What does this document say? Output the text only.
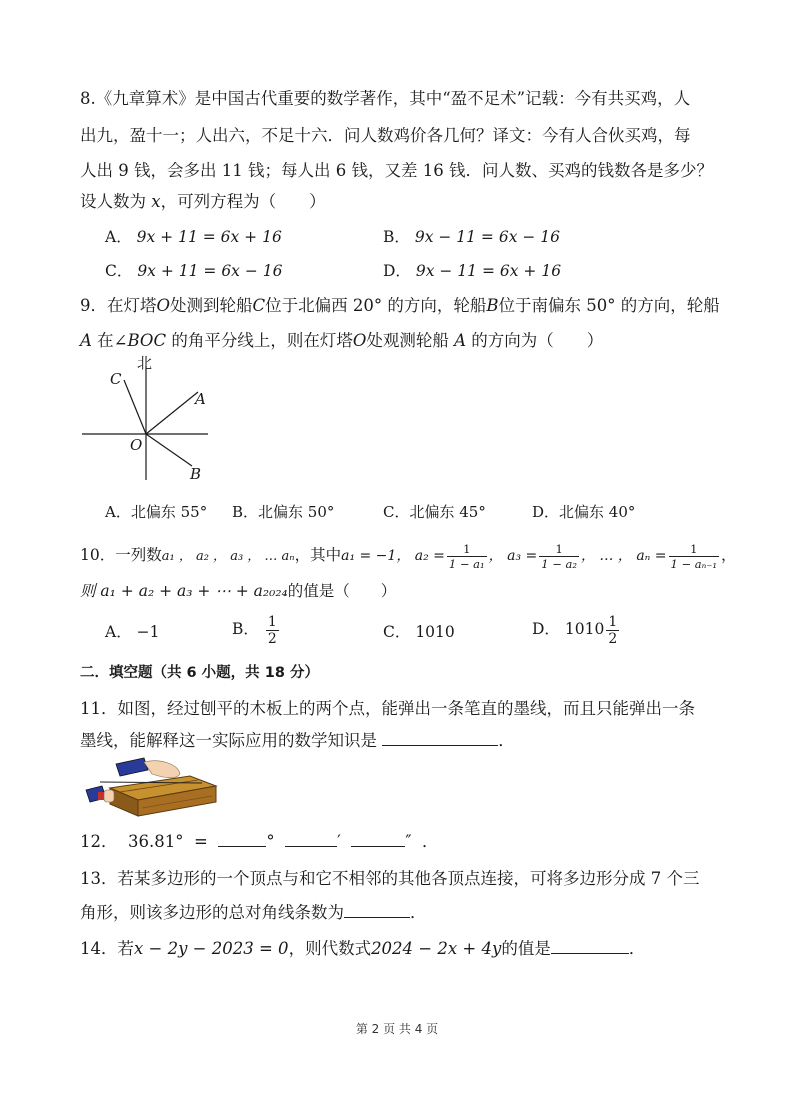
8.《九章算术》是中国古代重要的数学著作，其中“盈不足术”记载：今有共买鸡，人
出九，盈十一；人出六，不足十六．问人数鸡价各几何？译文：今有人合伙买鸡，每
人出 9 钱，会多出 11 钱；每人出 6 钱，又差 16 钱．问人数、买鸡的钱数各是多少？
设人数为 x，可列方程为（　　）
A． 9x + 11 = 6x + 16	B． 9x − 11 = 6x − 16
C． 9x + 11 = 6x − 16	D． 9x − 11 = 6x + 16
9．在灯塔O处测到轮船C位于北偏西 20° 的方向，轮船B位于南偏东 50° 的方向，轮船
A 在∠BOC 的角平分线上，则在灯塔O处观测轮船 A 的方向为（　　）
北
C
A
O
B
A．北偏东 55° B．北偏东 50°	C．北偏东 45°	D．北偏东 40°
10．一列数a₁ ， a₂ ， a₃ ， … aₙ，其中a₁ = −1， $a_2 = \frac{1}{\text{1 − a₁}}$ ， $a_3 = \frac{1}{\text{1 − a₂}}$ ， … ， $a_n = \frac{1}{\text{1 − aₙ₋₁}}$ ，
则 a₁ + a₂ + a₃ + ⋯ + a₂₀₂₄的值是（　　）
A． −1	B． $\frac{1}{2}$	C． 1010	D． $1010 \frac{1}{2}$
二．填空题（共 6 小题，共 18 分）
11．如图，经过刨平的木板上的两个点，能弹出一条笔直的墨线，而且只能弹出一条
墨线，能解释这一实际应用的数学知识是	．
12． 36.81° =	°	′	″ ．
13．若某多边形的一个顶点与和它不相邻的其他各顶点连接，可将多边形分成 7 个三
角形，则该多边形的总对角线条数为	．
14．若x − 2y − 2023 = 0，则代数式2024 − 2x + 4y的值是	．
第 2 页 共 4 页
